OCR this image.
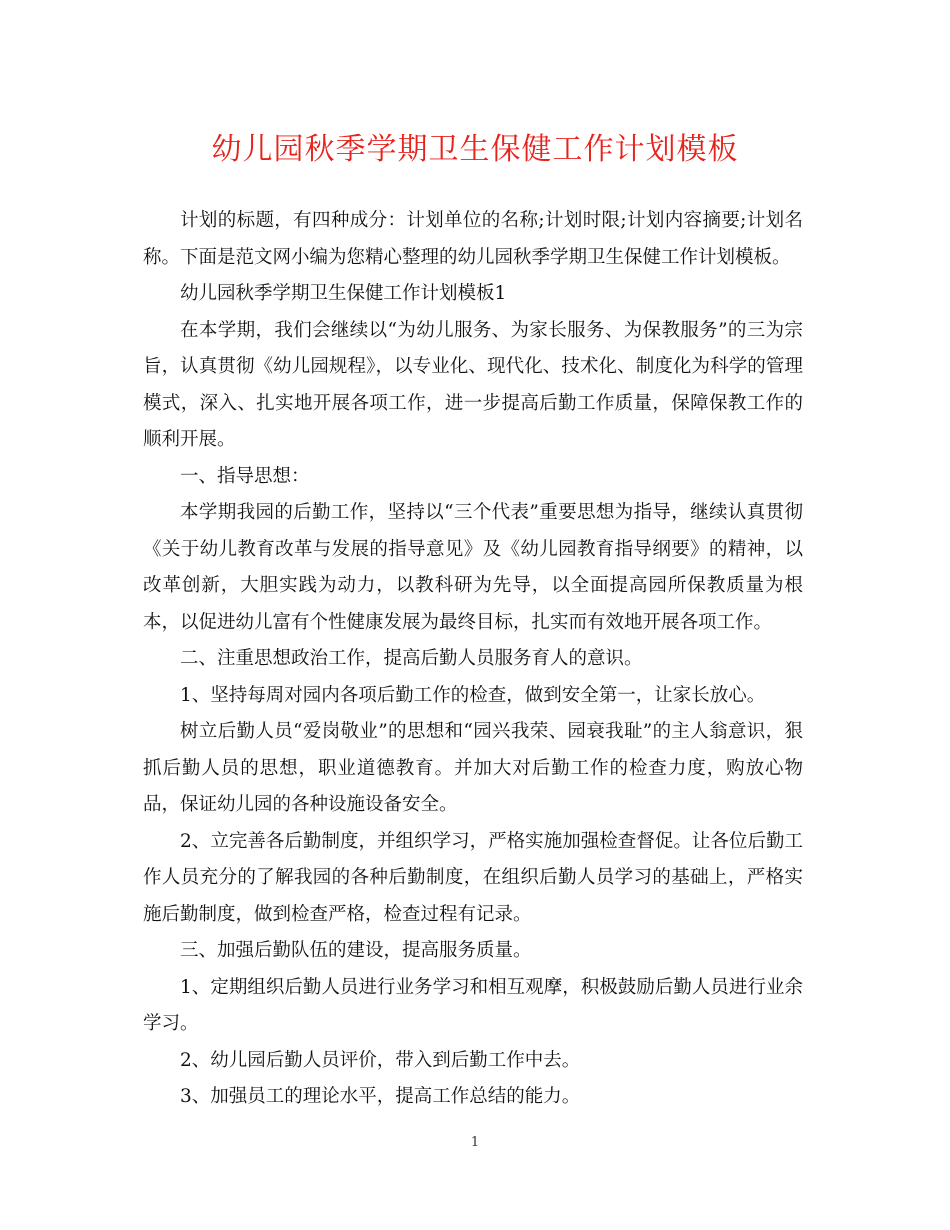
幼儿园秋季学期卫生保健工作计划模板

计划的标题，有四种成分：计划单位的名称;计划时限;计划内容摘要;计划名称。下面是范文网小编为您精心整理的幼儿园秋季学期卫生保健工作计划模板。

幼儿园秋季学期卫生保健工作计划模板1

在本学期，我们会继续以“为幼儿服务、为家长服务、为保教服务”的三为宗旨，认真贯彻《幼儿园规程》，以专业化、现代化、技术化、制度化为科学的管理模式，深入、扎实地开展各项工作，进一步提高后勤工作质量，保障保教工作的顺利开展。

一、指导思想：

本学期我园的后勤工作，坚持以“三个代表”重要思想为指导，继续认真贯彻《关于幼儿教育改革与发展的指导意见》及《幼儿园教育指导纲要》的精神，以改革创新，大胆实践为动力，以教科研为先导，以全面提高园所保教质量为根本，以促进幼儿富有个性健康发展为最终目标，扎实而有效地开展各项工作。

二、注重思想政治工作，提高后勤人员服务育人的意识。

1、坚持每周对园内各项后勤工作的检查，做到安全第一，让家长放心。

树立后勤人员“爱岗敬业”的思想和“园兴我荣、园衰我耻”的主人翁意识，狠抓后勤人员的思想，职业道德教育。并加大对后勤工作的检查力度，购放心物品，保证幼儿园的各种设施设备安全。

2、立完善各后勤制度，并组织学习，严格实施加强检查督促。让各位后勤工作人员充分的了解我园的各种后勤制度，在组织后勤人员学习的基础上，严格实施后勤制度，做到检查严格，检查过程有记录。

三、加强后勤队伍的建设，提高服务质量。

1、定期组织后勤人员进行业务学习和相互观摩，积极鼓励后勤人员进行业余学习。

2、幼儿园后勤人员评价，带入到后勤工作中去。

3、加强员工的理论水平，提高工作总结的能力。

1
